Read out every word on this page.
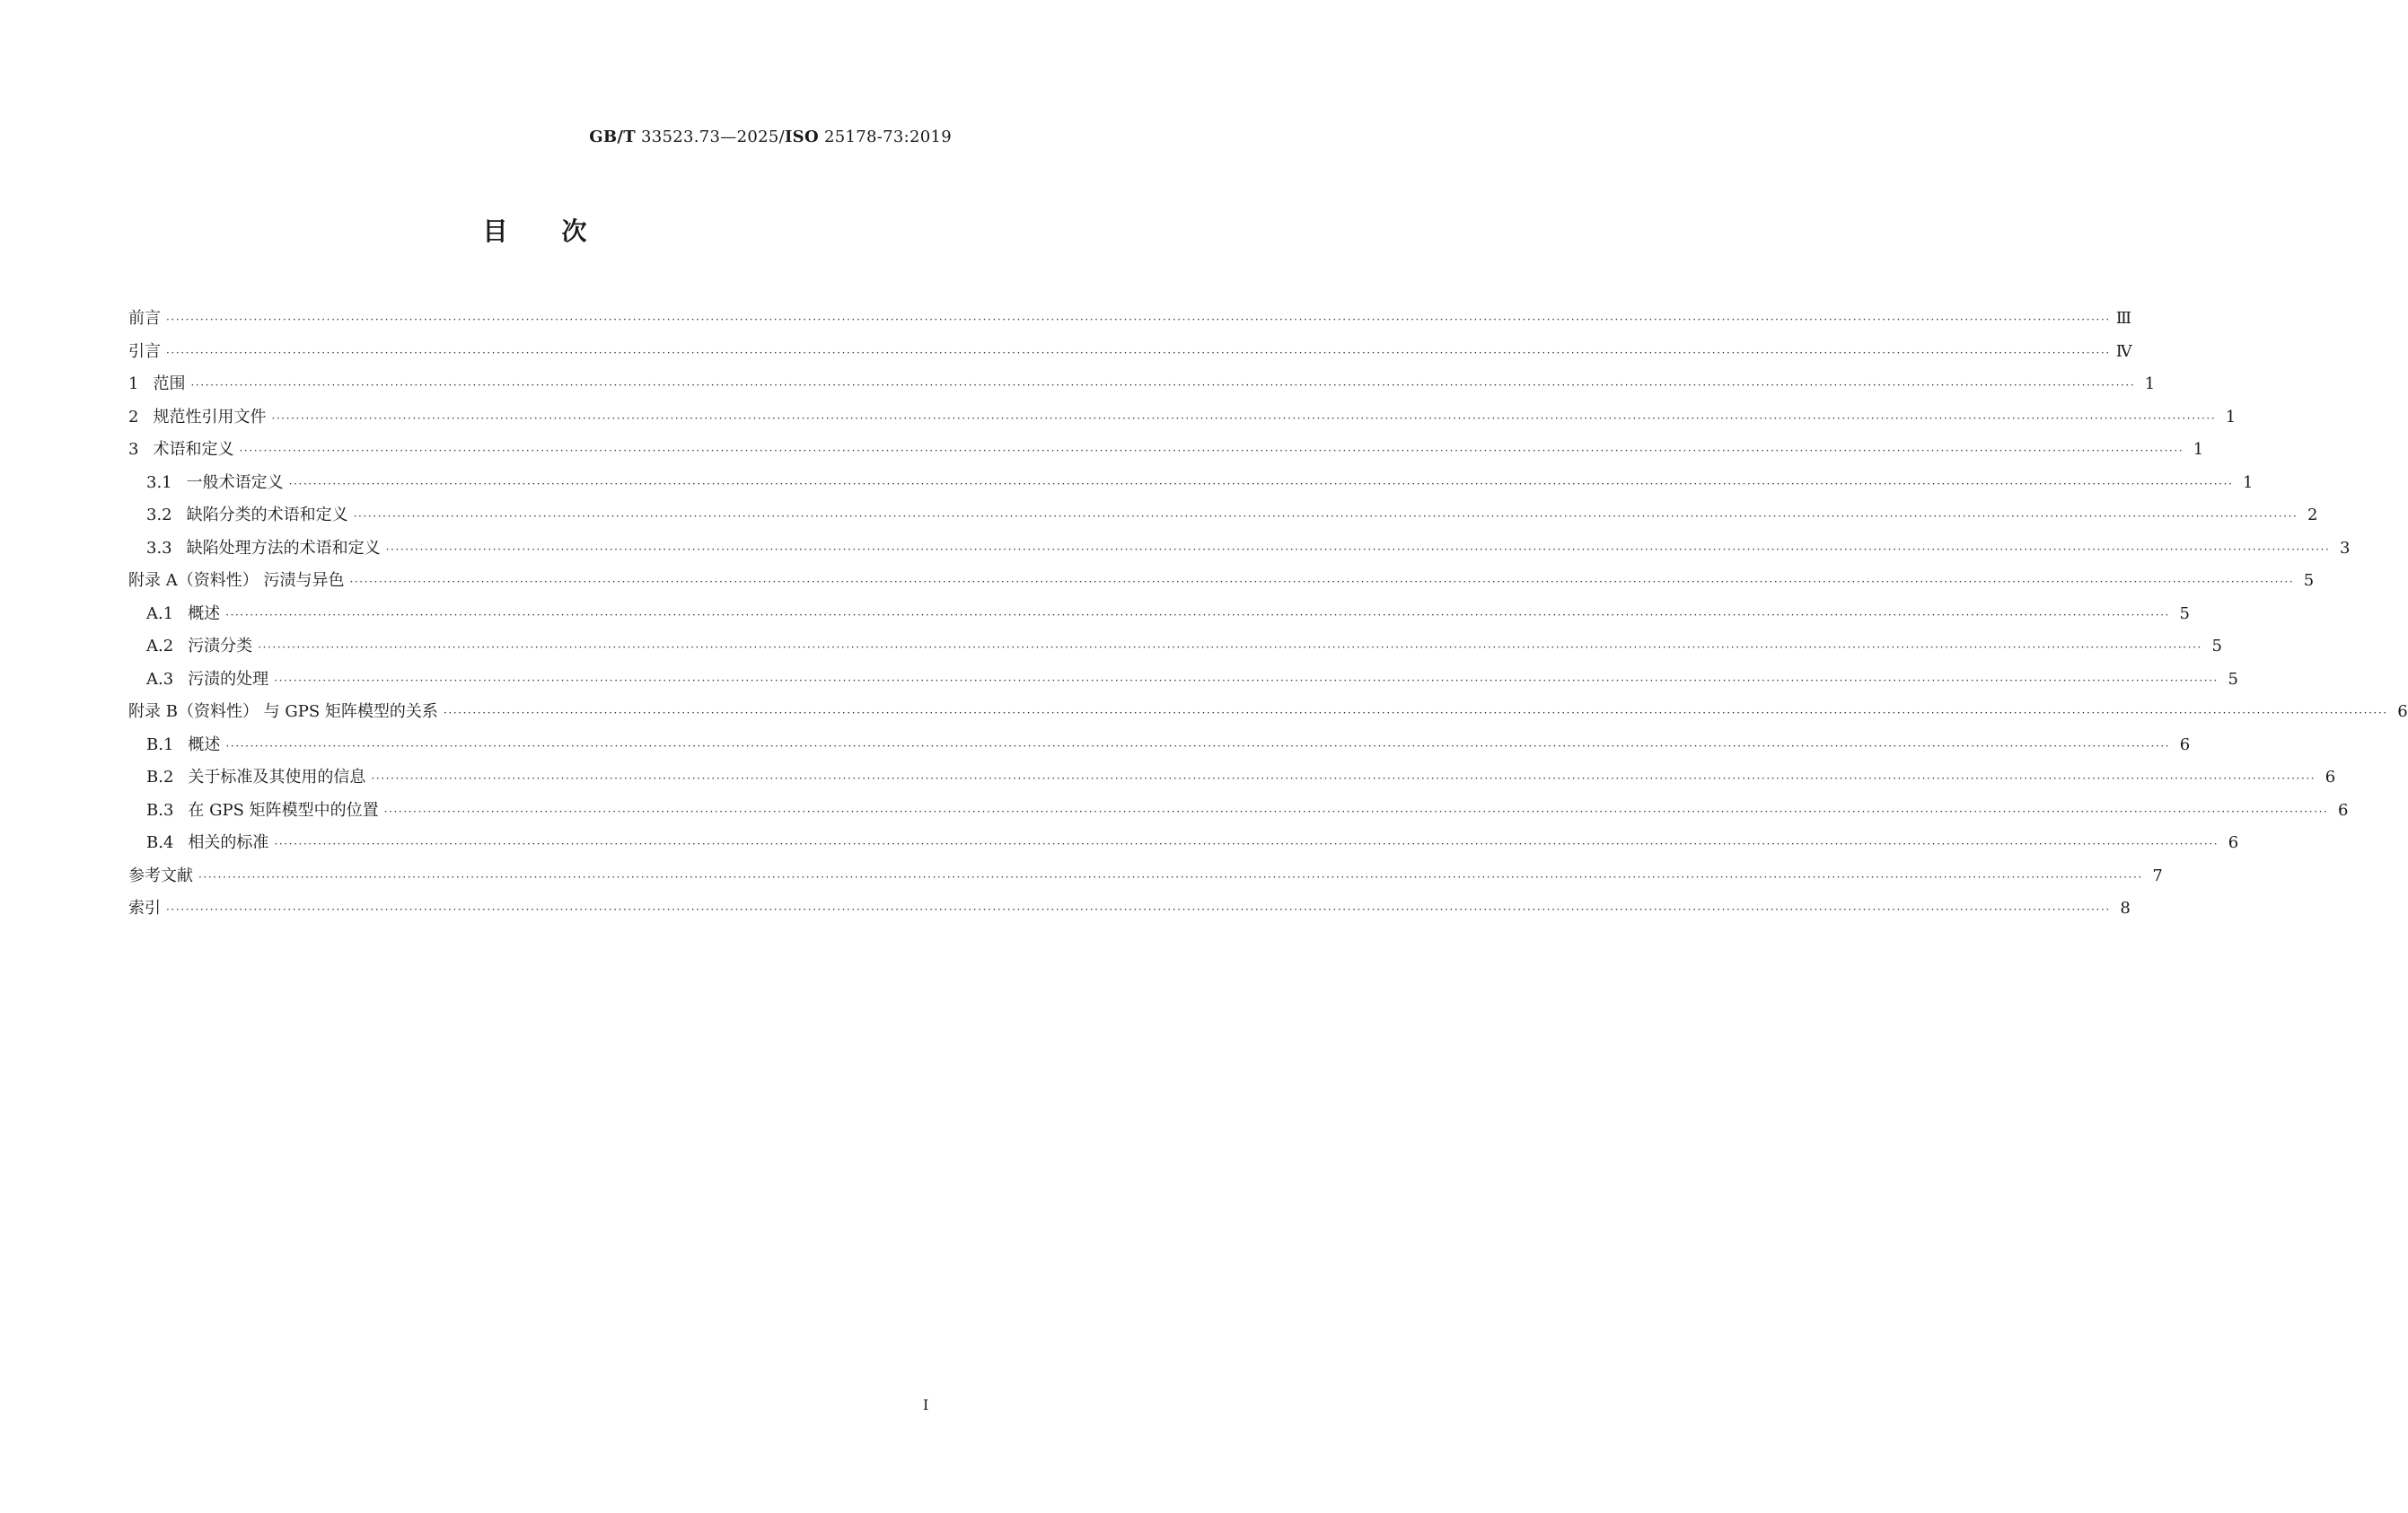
GB/T 33523.73—2025/ISO 25178-73:2019
目次
前言 ················································································································································································································································································································································································································ Ⅲ
引言 ················································································································································································································································································································································································································ Ⅳ
1 范围 ················································································································································································································································································································································································································ 1
2 规范性引用文件 ················································································································································································································································································································································································································ 1
3 术语和定义 ················································································································································································································································································································································································································ 1
3.1 一般术语定义 ················································································································································································································································································································································································································ 1
3.2 缺陷分类的术语和定义 ················································································································································································································································································································································································································ 2
3.3 缺陷处理方法的术语和定义 ················································································································································································································································································································································································································ 3
附录 A（资料性） 污渍与异色 ················································································································································································································································································································································································································ 5
A.1 概述 ················································································································································································································································································································································································································ 5
A.2 污渍分类 ················································································································································································································································································································································································································ 5
A.3 污渍的处理 ················································································································································································································································································································································································································ 5
附录 B（资料性） 与 GPS 矩阵模型的关系 ················································································································································································································································································································································································································ 6
B.1 概述 ················································································································································································································································································································································································································ 6
B.2 关于标准及其使用的信息 ················································································································································································································································································································································································································ 6
B.3 在 GPS 矩阵模型中的位置 ················································································································································································································································································································································································································ 6
B.4 相关的标准 ················································································································································································································································································································································································································ 6
参考文献 ················································································································································································································································································································································································································ 7
索引 ················································································································································································································································································································································································································ 8
Ⅰ
